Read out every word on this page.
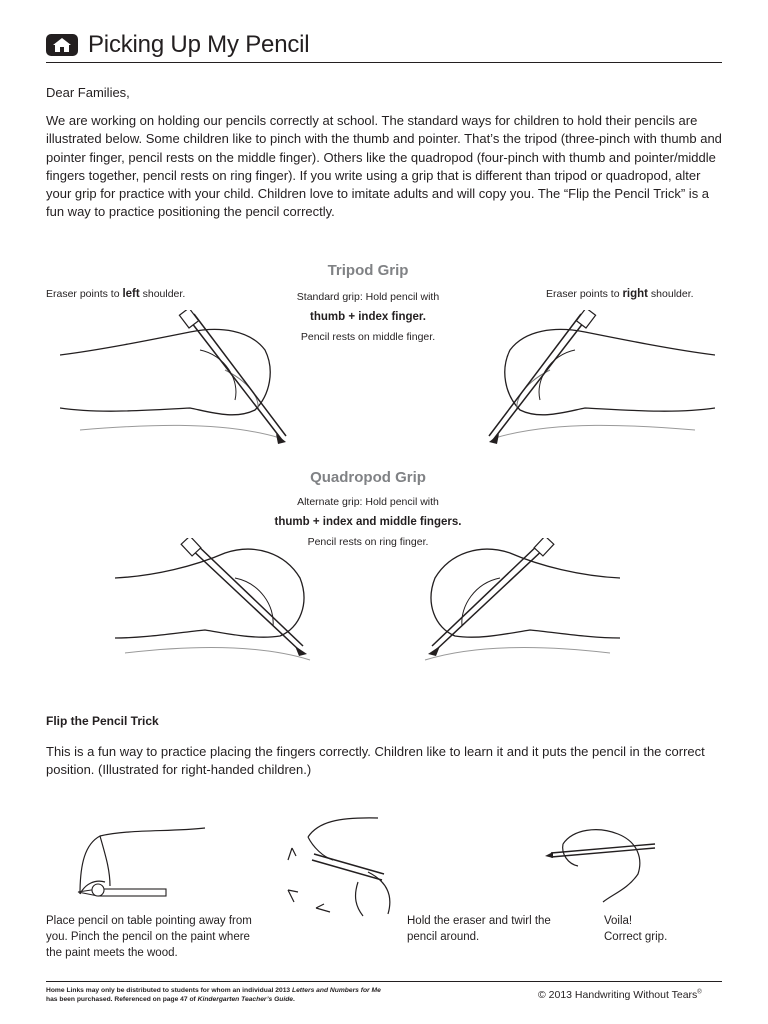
Picking Up My Pencil
Dear Families,

We are working on holding our pencils correctly at school. The standard ways for children to hold their pencils are illustrated below. Some children like to pinch with the thumb and pointer. That’s the tripod (three-pinch with thumb and pointer finger, pencil rests on the middle finger). Others like the quadropod (four-pinch with thumb and pointer/middle fingers together, pencil rests on ring finger). If you write using a grip that is different than tripod or quadropod, alter your grip for practice with your child. Children love to imitate adults and will copy you. The “Flip the Pencil Trick” is a fun way to practice positioning the pencil correctly.

Tripod Grip
Standard grip: Hold pencil with
thumb + index finger.
Pencil rests on middle finger.
Eraser points to left shoulder.	Eraser points to right shoulder.
Quadropod Grip
Alternate grip: Hold pencil with
thumb + index and middle fingers.
Pencil rests on ring finger.
Flip the Pencil Trick

This is a fun way to practice placing the fingers correctly. Children like to learn it and it puts the pencil in the correct position. (Illustrated for right-handed children.)

Place pencil on table pointing away from you. Pinch the pencil on the paint where the paint meets the wood.
Hold the eraser and twirl the pencil around.
Voila!
Correct grip.
Home Links may only be distributed to students for whom an individual 2013 Letters and Numbers for Me
has been purchased. Referenced on page 47 of Kindergarten Teacher’s Guide.	© 2013 Handwriting Without Tears®
